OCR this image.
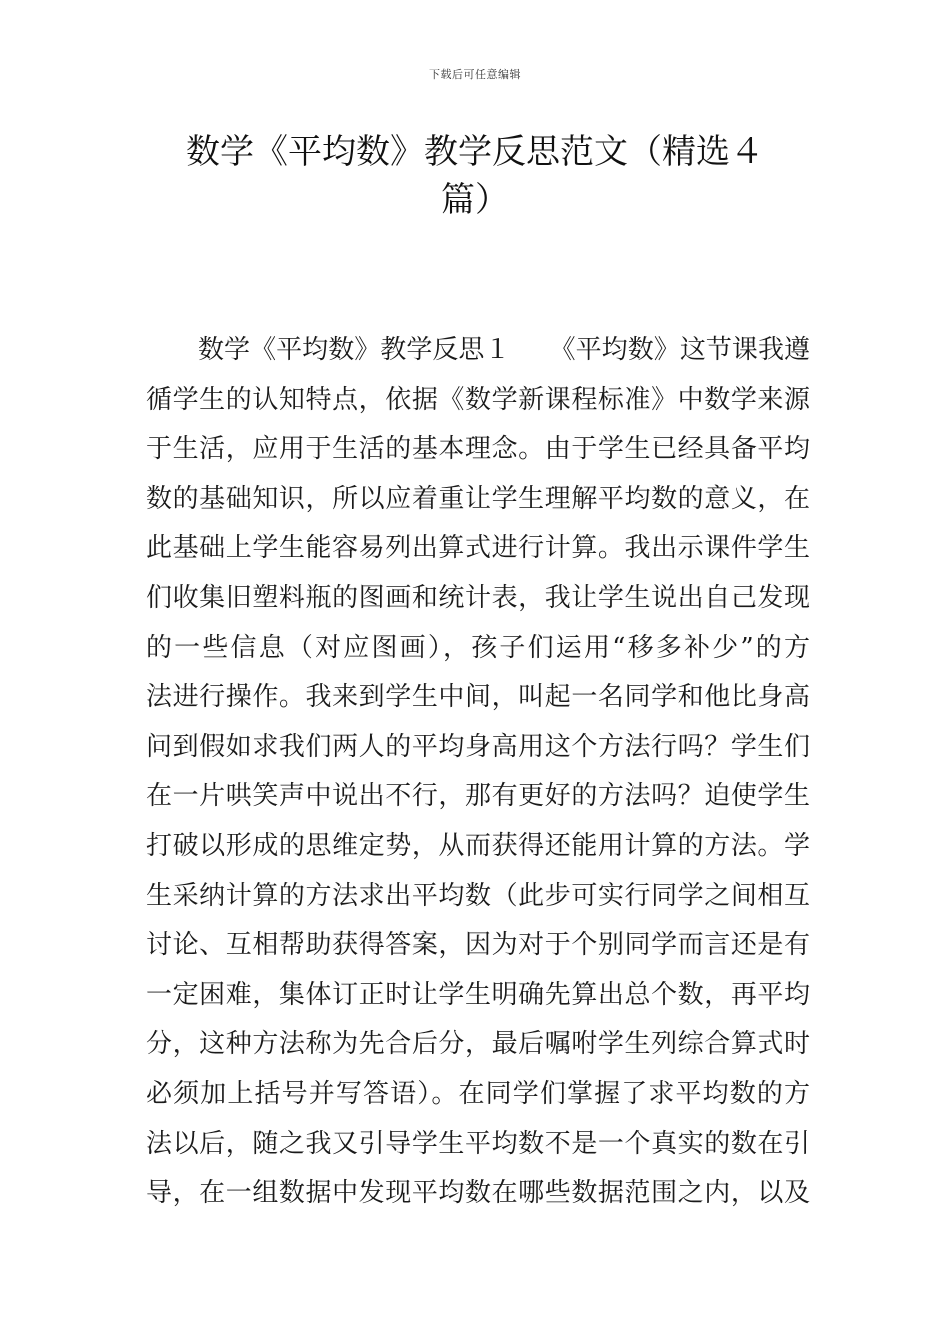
下载后可任意编辑
数学《平均数》教学反思范文（精选４
篇）
数学《平均数》教学反思１　　《平均数》这节课我遵
循学生的认知特点，依据《数学新课程标准》中数学来源
于生活，应用于生活的基本理念。由于学生已经具备平均
数的基础知识，所以应着重让学生理解平均数的意义，在
此基础上学生能容易列出算式进行计算。我出示课件学生
们收集旧塑料瓶的图画和统计表，我让学生说出自己发现
的一些信息（对应图画），孩子们运用“移多补少”的方
法进行操作。我来到学生中间，叫起一名同学和他比身高
问到假如求我们两人的平均身高用这个方法行吗？学生们
在一片哄笑声中说出不行，那有更好的方法吗？迫使学生
打破以形成的思维定势，从而获得还能用计算的方法。学
生采纳计算的方法求出平均数（此步可实行同学之间相互
讨论、互相帮助获得答案，因为对于个别同学而言还是有
一定困难，集体订正时让学生明确先算出总个数，再平均
分，这种方法称为先合后分，最后嘱咐学生列综合算式时
必须加上括号并写答语）。在同学们掌握了求平均数的方
法以后，随之我又引导学生平均数不是一个真实的数在引
导，在一组数据中发现平均数在哪些数据范围之内，以及
